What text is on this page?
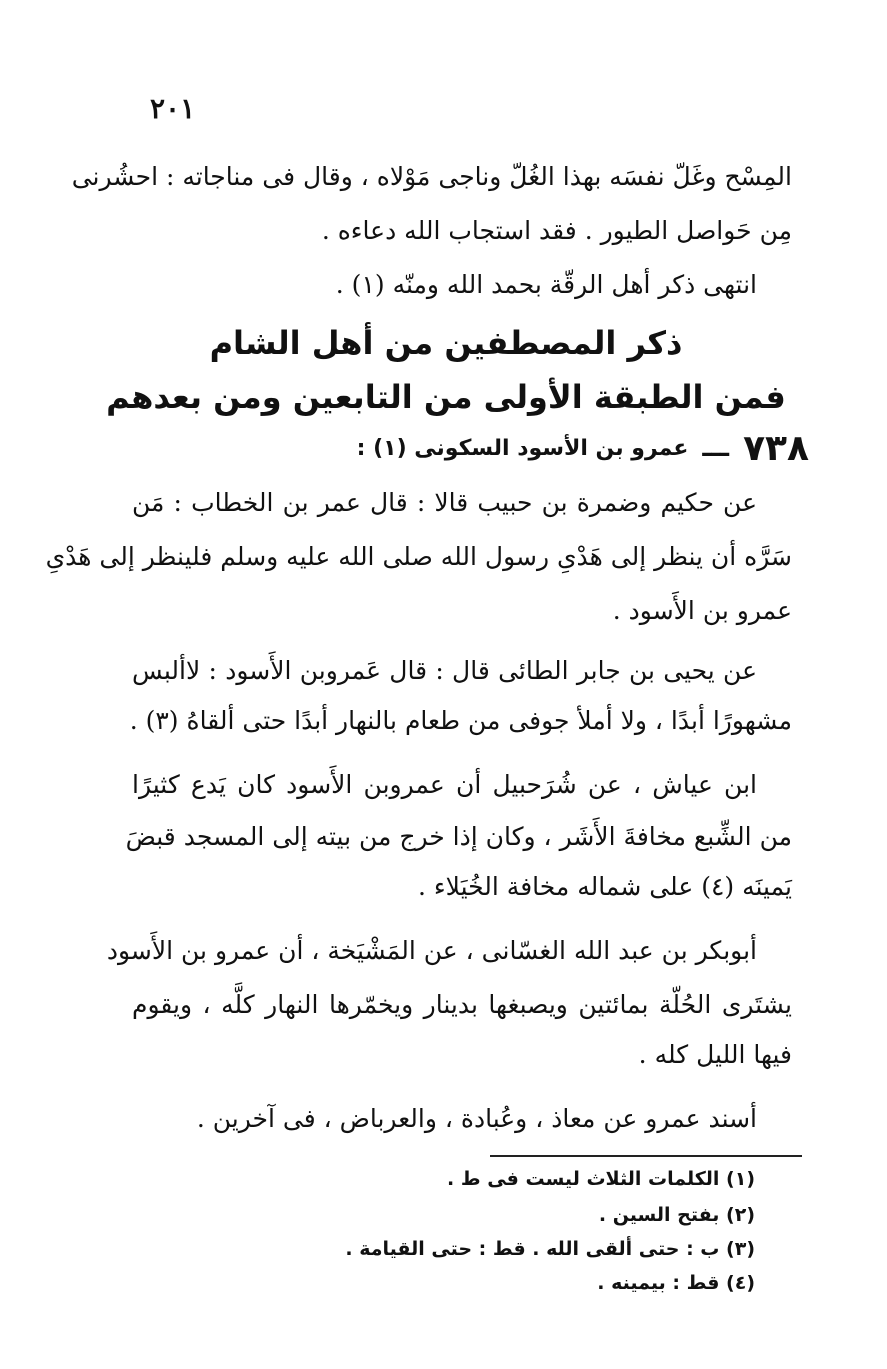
٢٠١
المِسْح وغَلّ نفسَه بهذا الغُلّ وناجى مَوْلاه ، وقال فى مناجاته : احشُرنى
مِن حَواصل الطيور . فقد استجاب الله دعاءه .
انتهى ذكر أهل الرقّة بحمد الله ومنّه (١) .
ذكر المصطفين من أهل الشام
فمن الطبقة الأولى من التابعين ومن بعدهم
٧٣٨
ـــ
عمرو بن الأسود السكونى (١) :
عن حكيم وضمرة بن حبيب قالا : قال عمر بن الخطاب : مَن
سَرَّه أن ينظر إلى هَدْىِ رسول الله صلى الله عليه وسلم فلينظر إلى هَدْىِ
عمرو بن الأَسود .
عن يحيى بن جابر الطائى قال : قال عَمروبن الأَسود : لاألبس
مشهورًا أبدًا ، ولا أملأ جوفى من طعام بالنهار أبدًا حتى ألقاهُ (٣) .
ابن عياش ، عن شُرَحبيل أن عمروبن الأَسود كان يَدع كثيرًا
من الشِّبع مخافةَ الأَشَر ، وكان إذا خرج من بيته إلى المسجد قبضَ
يَمينَه (٤) على شماله مخافة الخُيَلاء .
أبوبكر بن عبد الله الغسّانى ، عن المَشْيَخة ، أن عمرو بن الأَسود
يشتَرى الحُلّة بمائتين ويصبغها بدينار ويخمّرها النهار كلَّه ، ويقوم
فيها الليل كله .
أسند عمرو عن معاذ ، وعُبادة ، والعرباض ، فى آخرين .
(١) الكلمات الثلاث ليست فى ط .
(٢) بفتح السين .
(٣) ب : حتى ألقى الله . قط : حتى القيامة .
(٤) قط : بيمينه .
